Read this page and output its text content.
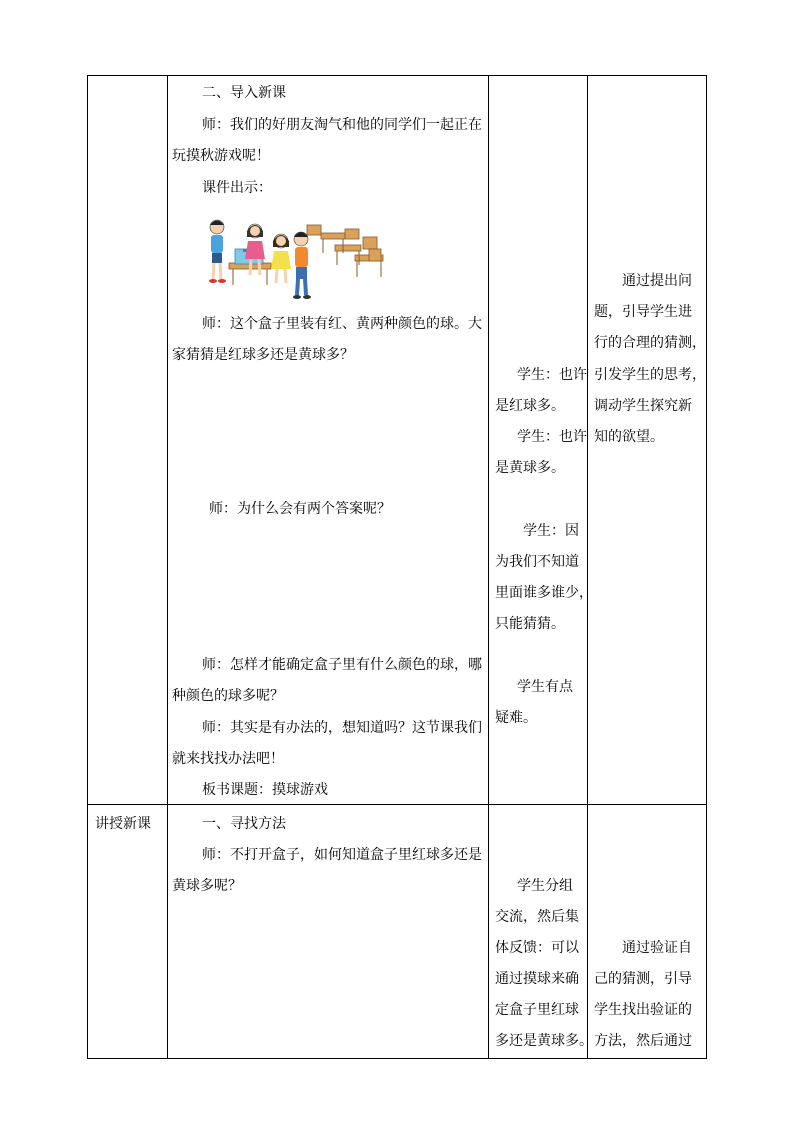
二、导入新课
师：我们的好朋友淘气和他的同学们一起正在
玩摸秋游戏呢！
课件出示：
师：这个盒子里装有红、黄两种颜色的球。大
家猜猜是红球多还是黄球多？
师：为什么会有两个答案呢？
师：怎样才能确定盒子里有什么颜色的球，哪
种颜色的球多呢？
师：其实是有办法的，想知道吗？这节课我们
就来找找办法吧！
板书课题：摸球游戏
学生：也许
是红球多。
学生：也许
是黄球多。
学生：因
为我们不知道
里面谁多谁少，
只能猜猜。
学生有点
疑难。
通过提出问
题，引导学生进
行的合理的猜测，
引发学生的思考，
调动学生探究新
知的欲望。
讲授新课	一、寻找方法
师：不打开盒子，如何知道盒子里红球多还是
黄球多呢？	学生分组
交流，然后集
体反馈：可以
通过摸球来确
定盒子里红球
多还是黄球多。
通过验证自
己的猜测，引导
学生找出验证的
方法，然后通过
